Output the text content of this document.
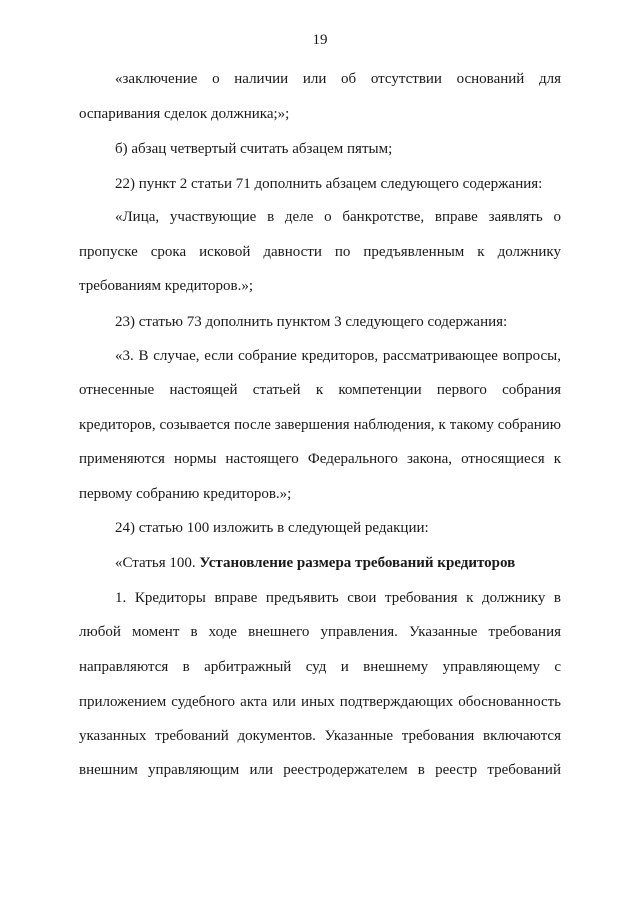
19

«заключение о наличии или об отсутствии оснований для

оспаривания сделок должника;»;

б) абзац четвертый считать абзацем пятым;

22) пункт 2 статьи 71 дополнить абзацем следующего содержания:

«Лица, участвующие в деле о банкротстве, вправе заявлять о

пропуске срока исковой давности по предъявленным к должнику

требованиям кредиторов.»;

23) статью 73 дополнить пунктом 3 следующего содержания:

«3. В случае, если собрание кредиторов, рассматривающее вопросы,

отнесенные настоящей статьей к компетенции первого собрания

кредиторов, созывается после завершения наблюдения, к такому собранию

применяются нормы настоящего Федерального закона, относящиеся к

первому собранию кредиторов.»;

24) статью 100 изложить в следующей редакции:

«Статья 100. Установление размера требований кредиторов

1. Кредиторы вправе предъявить свои требования к должнику в

любой момент в ходе внешнего управления. Указанные требования

направляются в арбитражный суд и внешнему управляющему с

приложением судебного акта или иных подтверждающих обоснованность

указанных требований документов. Указанные требования включаются

внешним управляющим или реестродержателем в реестр требований
